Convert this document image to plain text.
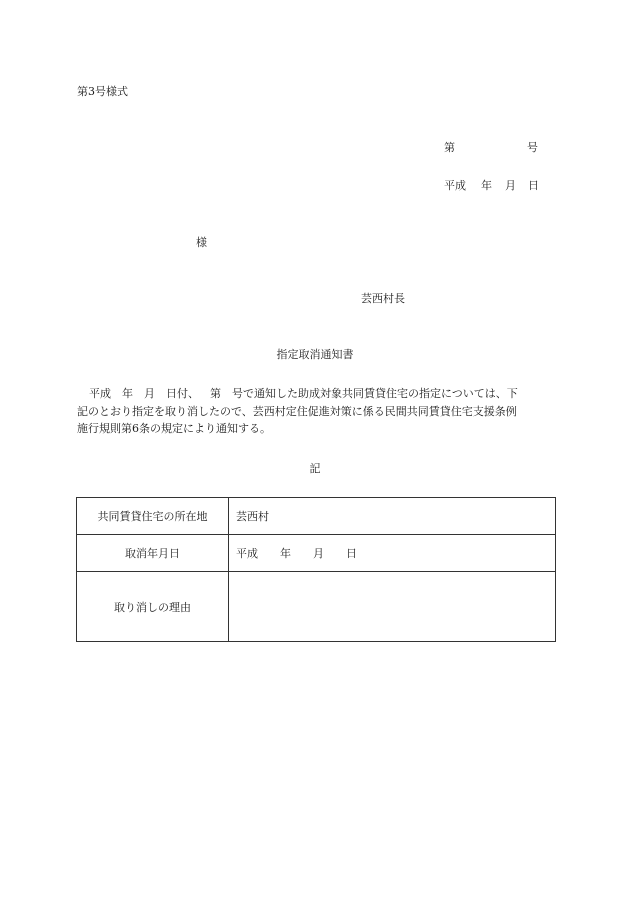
第3号様式
第	号
平成 年 月 日
様
芸西村長
指定取消通知書
平成 年 月 日付、 第 号で通知した助成対象共同賃貸住宅の指定については、下
記のとおり指定を取り消したので、芸西村定住促進対策に係る民間共同賃貸住宅支援条例
施行規則第6条の規定により通知する。
記
共同賃貸住宅の所在地	芸西村
取消年月日	平成 年 月 日
取り消しの理由	
